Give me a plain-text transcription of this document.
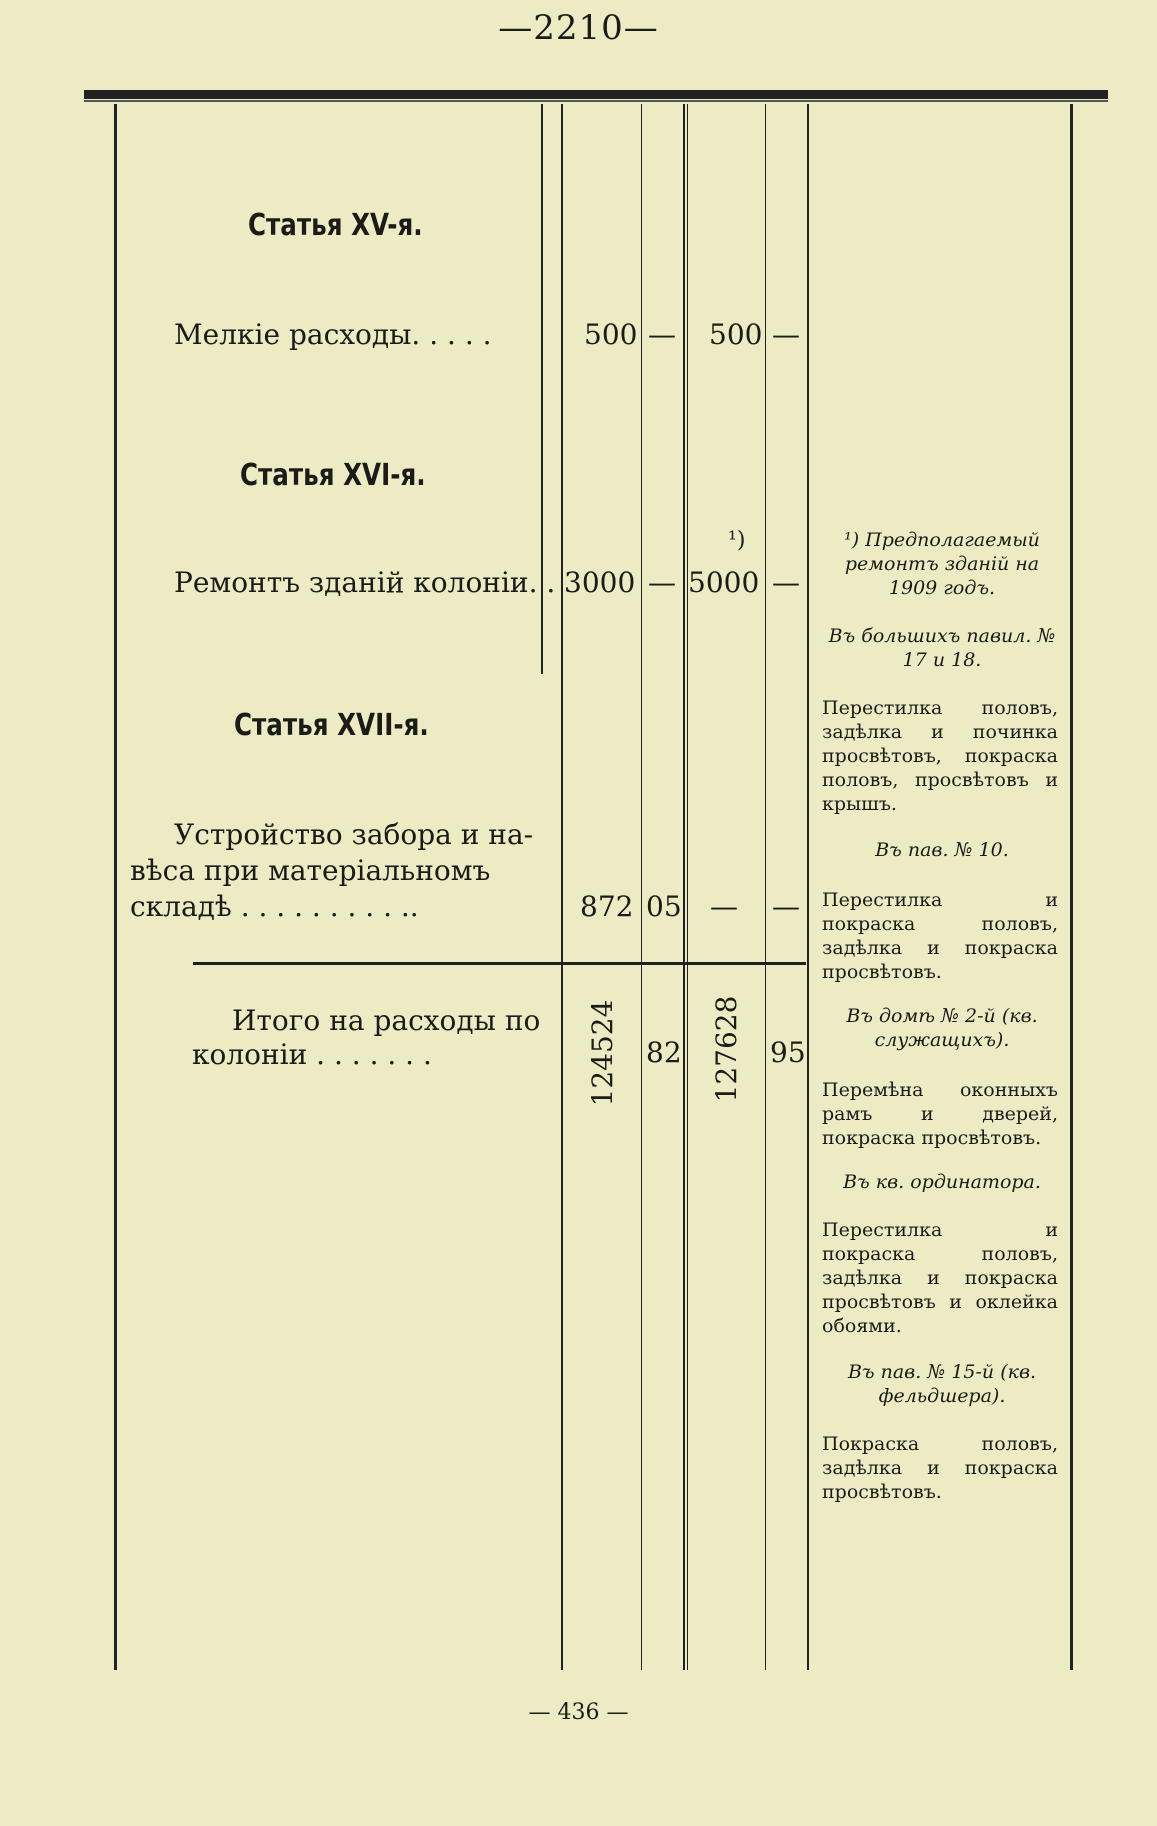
—2210—
— 436 —
Статья XV-я.
Мелкіе расходы. . . . .	500 — 500 —
Статья XVI-я.
¹)
Ремонтъ зданій колоніи. . 3000 — 5000 —
Статья XVII-я.
Устройство забора и на-
вѣса при матеріальномъ
складѣ . . . . . . . . . ..	872 05 — —
Итого на расходы по
колоніи . . . . . . .	124524 82 127628 95
¹) Предполагаемый ремонтъ зданій на 1909 годъ.
Въ большихъ павил. № 17 и 18.
Перестилка половъ, задѣлка и починка просвѣтовъ, покраска половъ, просвѣтовъ и крышъ.
Въ пав. № 10.
Перестилка и покраска половъ, задѣлка и покраска просвѣтовъ.
Въ домѣ № 2-й (кв. служащихъ).
Перемѣна оконныхъ рамъ и дверей, покраска просвѣтовъ.
Въ кв. ординатора.
Перестилка и покраска половъ, задѣлка и покраска просвѣтовъ и оклейка обоями.
Въ пав. № 15-й (кв. фельдшера).
Покраска половъ, задѣлка и покраска просвѣтовъ.
